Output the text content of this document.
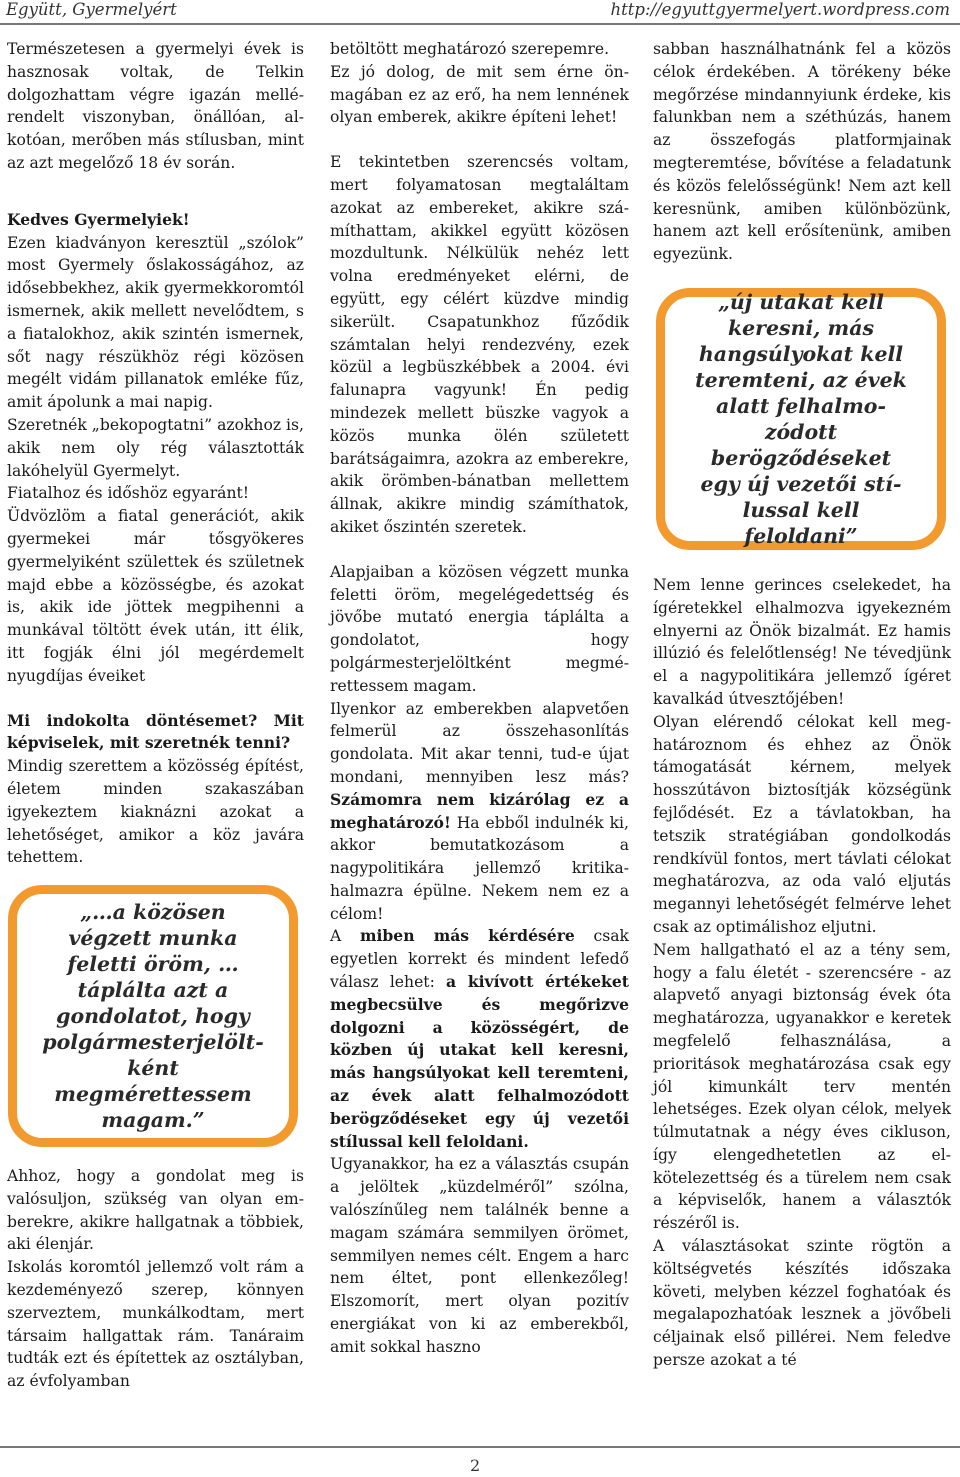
Együtt, Gyermelyért	http://egyuttgyermelyert.wordpress.com

Természetesen a gyermelyi évek is hasznosak voltak, de Telkin dolgozhattam végre igazán mellérendelt viszonyban, önállóan, alkotóan, merőben más stílusban, mint az azt megelőző 18 év során.

Kedves Gyermelyiek!

Ezen kiadványon keresztül „szólok” most Gyermely őslakosságához, az idősebbekhez, akik gyermekkoromtól ismernek, akik mellett nevelődtem, s a fiatalokhoz, akik szintén ismernek, sőt nagy részükhöz régi közösen megélt vidám pillanatok emléke fűz, amit ápolunk a mai napig.

Szeretnék „bekopogtatni” azokhoz is, akik nem oly rég választották lakóhelyül Gyermelyt.

Fiatalhoz és időshöz egyaránt!

Üdvözlöm a fiatal generációt, akik gyermekei már tősgyökeres gyermelyiként születtek és születnek majd ebbe a közösségbe, és azokat is, akik ide jöttek megpihenni a munkával töltött évek után, itt élik, itt fogják élni jól megérdemelt nyugdíjas éveiket

Mi indokolta döntésemet? Mit képviselek, mit szeretnék tenni?

Mindig szerettem a közösség építést, életem minden szakaszában igyekeztem kiaknázni azokat a lehetőséget, amikor a köz javára tehettem.

„…a közösen végzett munka feletti öröm, … táplálta azt a gondolatot, hogy polgármesterjelöltként megmérettessem magam.”

Ahhoz, hogy a gondolat meg is valósuljon, szükség van olyan emberekre, akikre hallgatnak a többiek, aki élenjár.

Iskolás koromtól jellemző volt rám a kezdeményező szerep, könnyen szerveztem, munkálkodtam, mert társaim hallgattak rám. Tanáraim tudták ezt és építettek az osztályban, az évfolyamban

betöltött meghatározó szerepemre.

Ez jó dolog, de mit sem érne önmagában ez az erő, ha nem lennének olyan emberek, akikre építeni lehet!

E tekintetben szerencsés voltam, mert folyamatosan megtaláltam azokat az embereket, akikre számíthattam, akikkel együtt közösen mozdultunk. Nélkülük nehéz lett volna eredményeket elérni, de együtt, egy célért küzdve mindig sikerült. Csapatunkhoz fűződik számtalan helyi rendezvény, ezek közül a legbüszkébbek a 2004. évi falunapra vagyunk! Én pedig mindezek mellett büszke vagyok a közös munka ölén született barátságaimra, azokra az emberekre, akik örömben-bánatban mellettem állnak, akikre mindig számíthatok, akiket őszintén szeretek.

Alapjaiban a közösen végzett munka feletti öröm, megelégedettség és jövőbe mutató energia táplálta a gondolatot, hogy polgármesterjelöltként megmérettessem magam.

Ilyenkor az emberekben alapvetően felmerül az összehasonlítás gondolata. Mit akar tenni, tud-e újat mondani, mennyiben lesz más? Számomra nem kizárólag ez a meghatározó! Ha ebből indulnék ki, akkor bemutatkozásom a nagypolitikára jellemző kritikahalmazra épülne. Nekem nem ez a célom!

A miben más kérdésére csak egyetlen korrekt és mindent lefedő válasz lehet: a kivívott értékeket megbecsülve és megőrizve dolgozni a közösségért, de közben új utakat kell keresni, más hangsúlyokat kell teremteni, az évek alatt felhalmozódott berögződéseket egy új vezetői stílussal kell feloldani.

Ugyanakkor, ha ez a választás csupán a jelöltek „küzdelméről” szólna, valószínűleg nem találnék benne a magam számára semmilyen örömet, semmilyen nemes célt. Engem a harc nem éltet, pont ellenkezőleg! Elszomorít, mert olyan pozitív energiákat von ki az emberekből, amit sokkal haszno

sabban használhatnánk fel a közös célok érdekében. A törékeny béke megőrzése mindannyiunk érdeke, kis falunkban nem a széthúzás, hanem az összefogás platformjainak megteremtése, bővítése a feladatunk és közös felelősségünk! Nem azt kell keresnünk, amiben különbözünk, hanem azt kell erősítenünk, amiben egyezünk.

„új utakat kell keresni, más hangsúlyokat kell teremteni, az évek alatt felhalmozódott berögződéseket egy új vezetői stílussal kell feloldani”

Nem lenne gerinces cselekedet, ha ígéretekkel elhalmozva igyekezném elnyerni az Önök bizalmát. Ez hamis illúzió és felelőtlenség! Ne tévedjünk el a nagypolitikára jellemző ígéret kavalkád útvesztőjében!

Olyan elérendő célokat kell meghatároznom és ehhez az Önök támogatását kérnem, melyek hosszútávon biztosítják községünk fejlődését. Ez a távlatokban, ha tetszik stratégiában gondolkodás rendkívül fontos, mert távlati célokat meghatározva, az oda való eljutás megannyi lehetőségét felmérve lehet csak az optimálishoz eljutni.

Nem hallgatható el az a tény sem, hogy a falu életét - szerencsére - az alapvető anyagi biztonság évek óta meghatározza, ugyanakkor e keretek megfelelő felhasználása, a prioritások meghatározása csak egy jól kimunkált terv mentén lehetséges. Ezek olyan célok, melyek túlmutatnak a négy éves cikluson, így elengedhetetlen az elkötelezettség és a türelem nem csak a képviselők, hanem a választók részéről is.

A választásokat szinte rögtön a költségvetés készítés időszaka követi, melyben kézzel foghatóak és megalapozhatóak lesznek a jövőbeli céljainak első pillérei. Nem feledve persze azokat a té

2
